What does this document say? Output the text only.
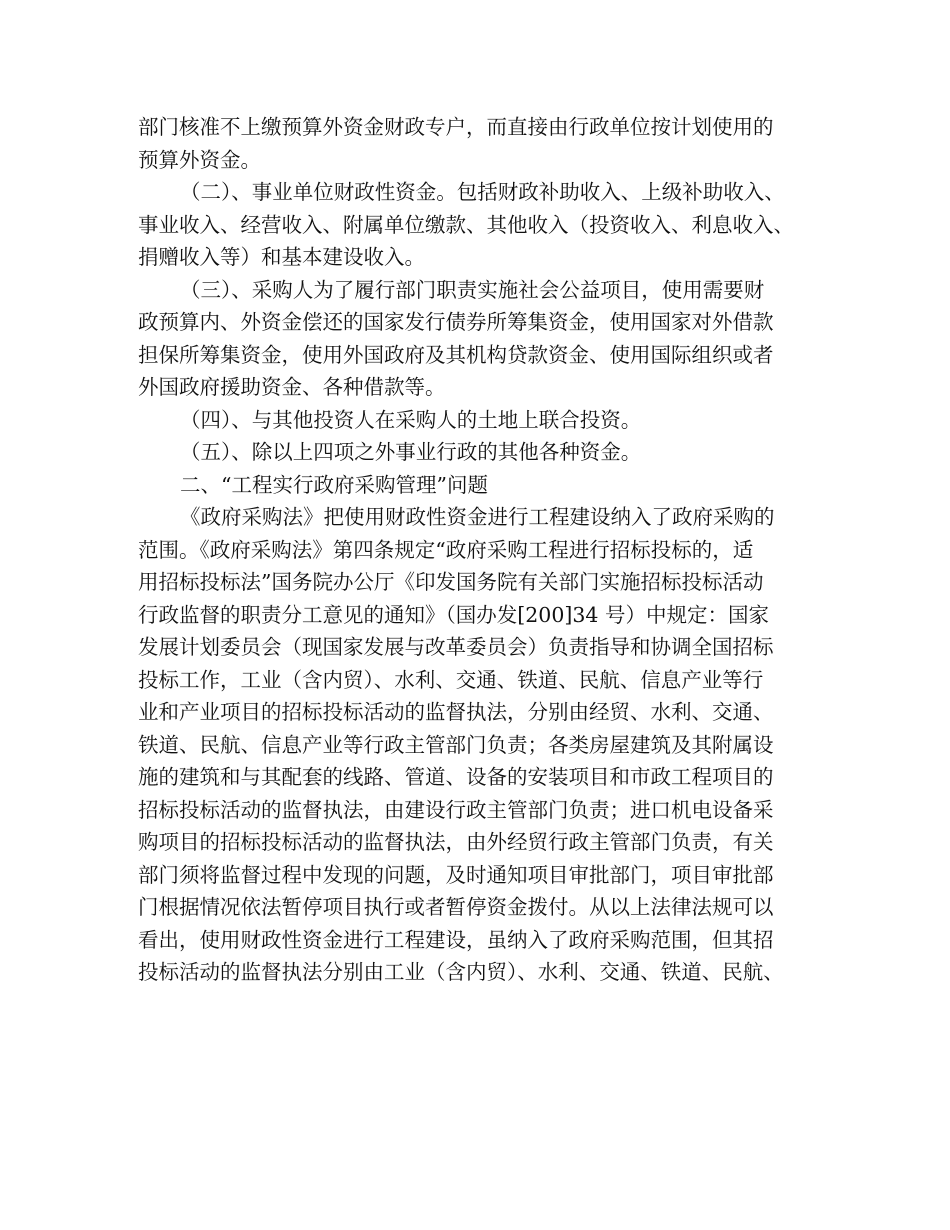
部门核准不上缴预算外资金财政专户，而直接由行政单位按计划使用的
预算外资金。
（二）、事业单位财政性资金。包括财政补助收入、上级补助收入、
事业收入、经营收入、附属单位缴款、其他收入（投资收入、利息收入、
捐赠收入等）和基本建设收入。
（三）、采购人为了履行部门职责实施社会公益项目，使用需要财
政预算内、外资金偿还的国家发行债券所筹集资金，使用国家对外借款
担保所筹集资金，使用外国政府及其机构贷款资金、使用国际组织或者
外国政府援助资金、各种借款等。
（四）、与其他投资人在采购人的土地上联合投资。
（五）、除以上四项之外事业行政的其他各种资金。
二、“工程实行政府采购管理”问题
《政府采购法》把使用财政性资金进行工程建设纳入了政府采购的
范围。《政府采购法》第四条规定“政府采购工程进行招标投标的，适
用招标投标法”国务院办公厅《印发国务院有关部门实施招标投标活动
行政监督的职责分工意见的通知》（国办发[200]34 号）中规定：国家
发展计划委员会（现国家发展与改革委员会）负责指导和协调全国招标
投标工作，工业（含内贸）、水利、交通、铁道、民航、信息产业等行
业和产业项目的招标投标活动的监督执法，分别由经贸、水利、交通、
铁道、民航、信息产业等行政主管部门负责；各类房屋建筑及其附属设
施的建筑和与其配套的线路、管道、设备的安装项目和市政工程项目的
招标投标活动的监督执法，由建设行政主管部门负责；进口机电设备采
购项目的招标投标活动的监督执法，由外经贸行政主管部门负责，有关
部门须将监督过程中发现的问题，及时通知项目审批部门，项目审批部
门根据情况依法暂停项目执行或者暂停资金拨付。从以上法律法规可以
看出，使用财政性资金进行工程建设，虽纳入了政府采购范围，但其招
投标活动的监督执法分别由工业（含内贸）、水利、交通、铁道、民航、
